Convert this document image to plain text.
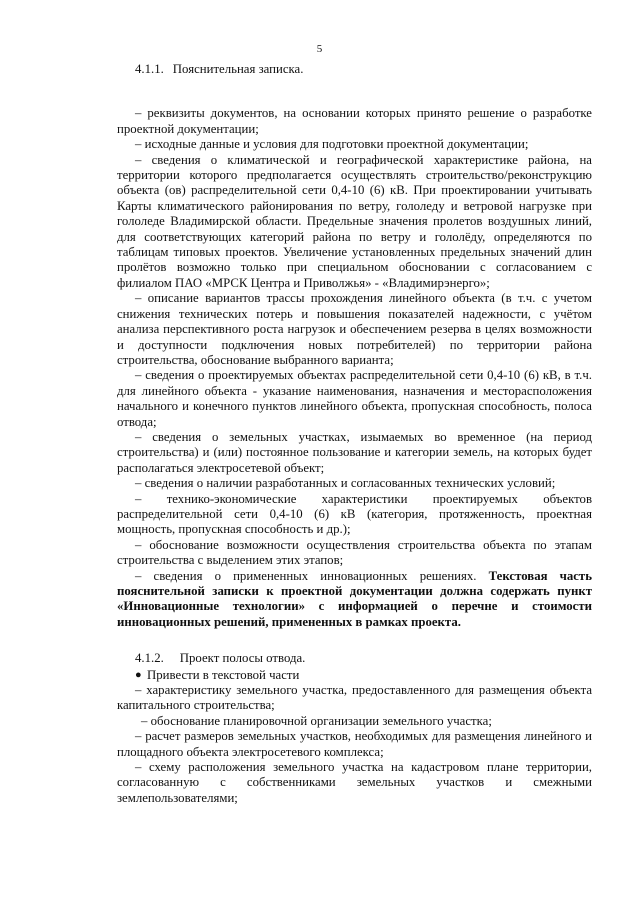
5
4.1.1. Пояснительная записка.

– реквизиты документов, на основании которых принято решение о разработке проектной документации;

– исходные данные и условия для подготовки проектной документации;

– сведения о климатической и географической характеристике района, на территории которого предполагается осуществлять строительство/реконструкцию объекта (ов) распределительной сети 0,4-10 (6) кВ. При проектировании учитывать Карты климатического районирования по ветру, гололеду и ветровой нагрузке при гололеде Владимирской области. Предельные значения пролетов воздушных линий, для соответствующих категорий района по ветру и гололёду, определяются по таблицам типовых проектов. Увеличение установленных предельных значений длин пролётов возможно только при специальном обосновании с согласованием с филиалом ПАО «МРСК Центра и Приволжья» - «Владимирэнерго»;

– описание вариантов трассы прохождения линейного объекта (в т.ч. с учетом снижения технических потерь и повышения показателей надежности, с учётом анализа перспективного роста нагрузок и обеспечением резерва в целях возможности и доступности подключения новых потребителей) по территории района строительства, обоснование выбранного варианта;

– сведения о проектируемых объектах распределительной сети 0,4-10 (6) кВ, в т.ч. для линейного объекта - указание наименования, назначения и месторасположения начального и конечного пунктов линейного объекта, пропускная способность, полоса отвода;

– сведения о земельных участках, изымаемых во временное (на период строительства) и (или) постоянное пользование и категории земель, на которых будет располагаться электросетевой объект;

– сведения о наличии разработанных и согласованных технических условий;

– технико-экономические характеристики проектируемых объектов распределительной сети 0,4-10 (6) кВ (категория, протяженность, проектная мощность, пропускная способность и др.);

– обоснование возможности осуществления строительства объекта по этапам строительства с выделением этих этапов;

– сведения о примененных инновационных решениях. Текстовая часть пояснительной записки к проектной документации должна содержать пункт «Инновационные технологии» с информацией о перечне и стоимости инновационных решений, примененных в рамках проекта.

4.1.2. Проект полосы отвода.
● Привести в текстовой части

– характеристику земельного участка, предоставленного для размещения объекта капитального строительства;

– обоснование планировочной организации земельного участка;

– расчет размеров земельных участков, необходимых для размещения линейного и площадного объекта электросетевого комплекса;

– схему расположения земельного участка на кадастровом плане территории, согласованную с собственниками земельных участков и смежными землепользователями;
